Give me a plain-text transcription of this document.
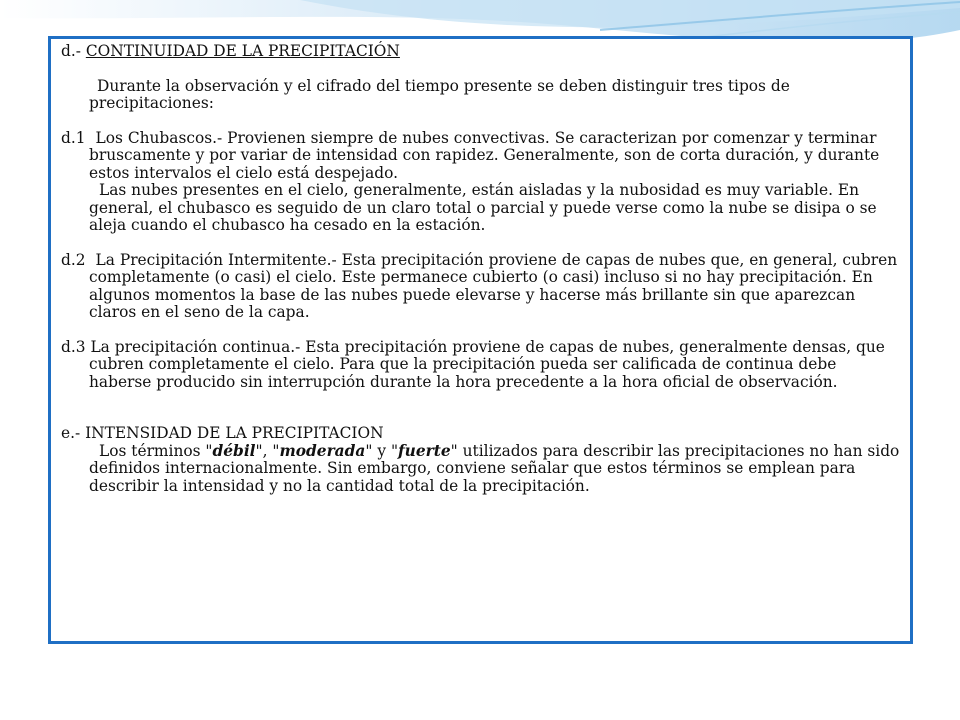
d.- CONTINUIDAD DE LA PRECIPITACIÓN

Durante la observación y el cifrado del tiempo presente se deben distinguir tres tipos de precipitaciones:

d.1 Los Chubascos.- Provienen siempre de nubes convectivas. Se caracterizan por comenzar y terminar bruscamente y por variar de intensidad con rapidez. Generalmente, son de corta duración, y durante estos intervalos el cielo está despejado.

Las nubes presentes en el cielo, generalmente, están aisladas y la nubosidad es muy variable. En general, el chubasco es seguido de un claro total o parcial y puede verse como la nube se disipa o se aleja cuando el chubasco ha cesado en la estación.

d.2 La Precipitación Intermitente.- Esta precipitación proviene de capas de nubes que, en general, cubren completamente (o casi) el cielo. Este permanece cubierto (o casi) incluso si no hay precipitación. En algunos momentos la base de las nubes puede elevarse y hacerse más brillante sin que aparezcan claros en el seno de la capa.

d.3 La precipitación continua.- Esta precipitación proviene de capas de nubes, generalmente densas, que cubren completamente el cielo. Para que la precipitación pueda ser calificada de continua debe haberse producido sin interrupción durante la hora precedente a la hora oficial de observación.

e.- INTENSIDAD DE LA PRECIPITACION

Los términos "débil", "moderada" y "fuerte" utilizados para describir las precipitaciones no han sido definidos internacionalmente. Sin embargo, conviene señalar que estos términos se emplean para describir la intensidad y no la cantidad total de la precipitación.
